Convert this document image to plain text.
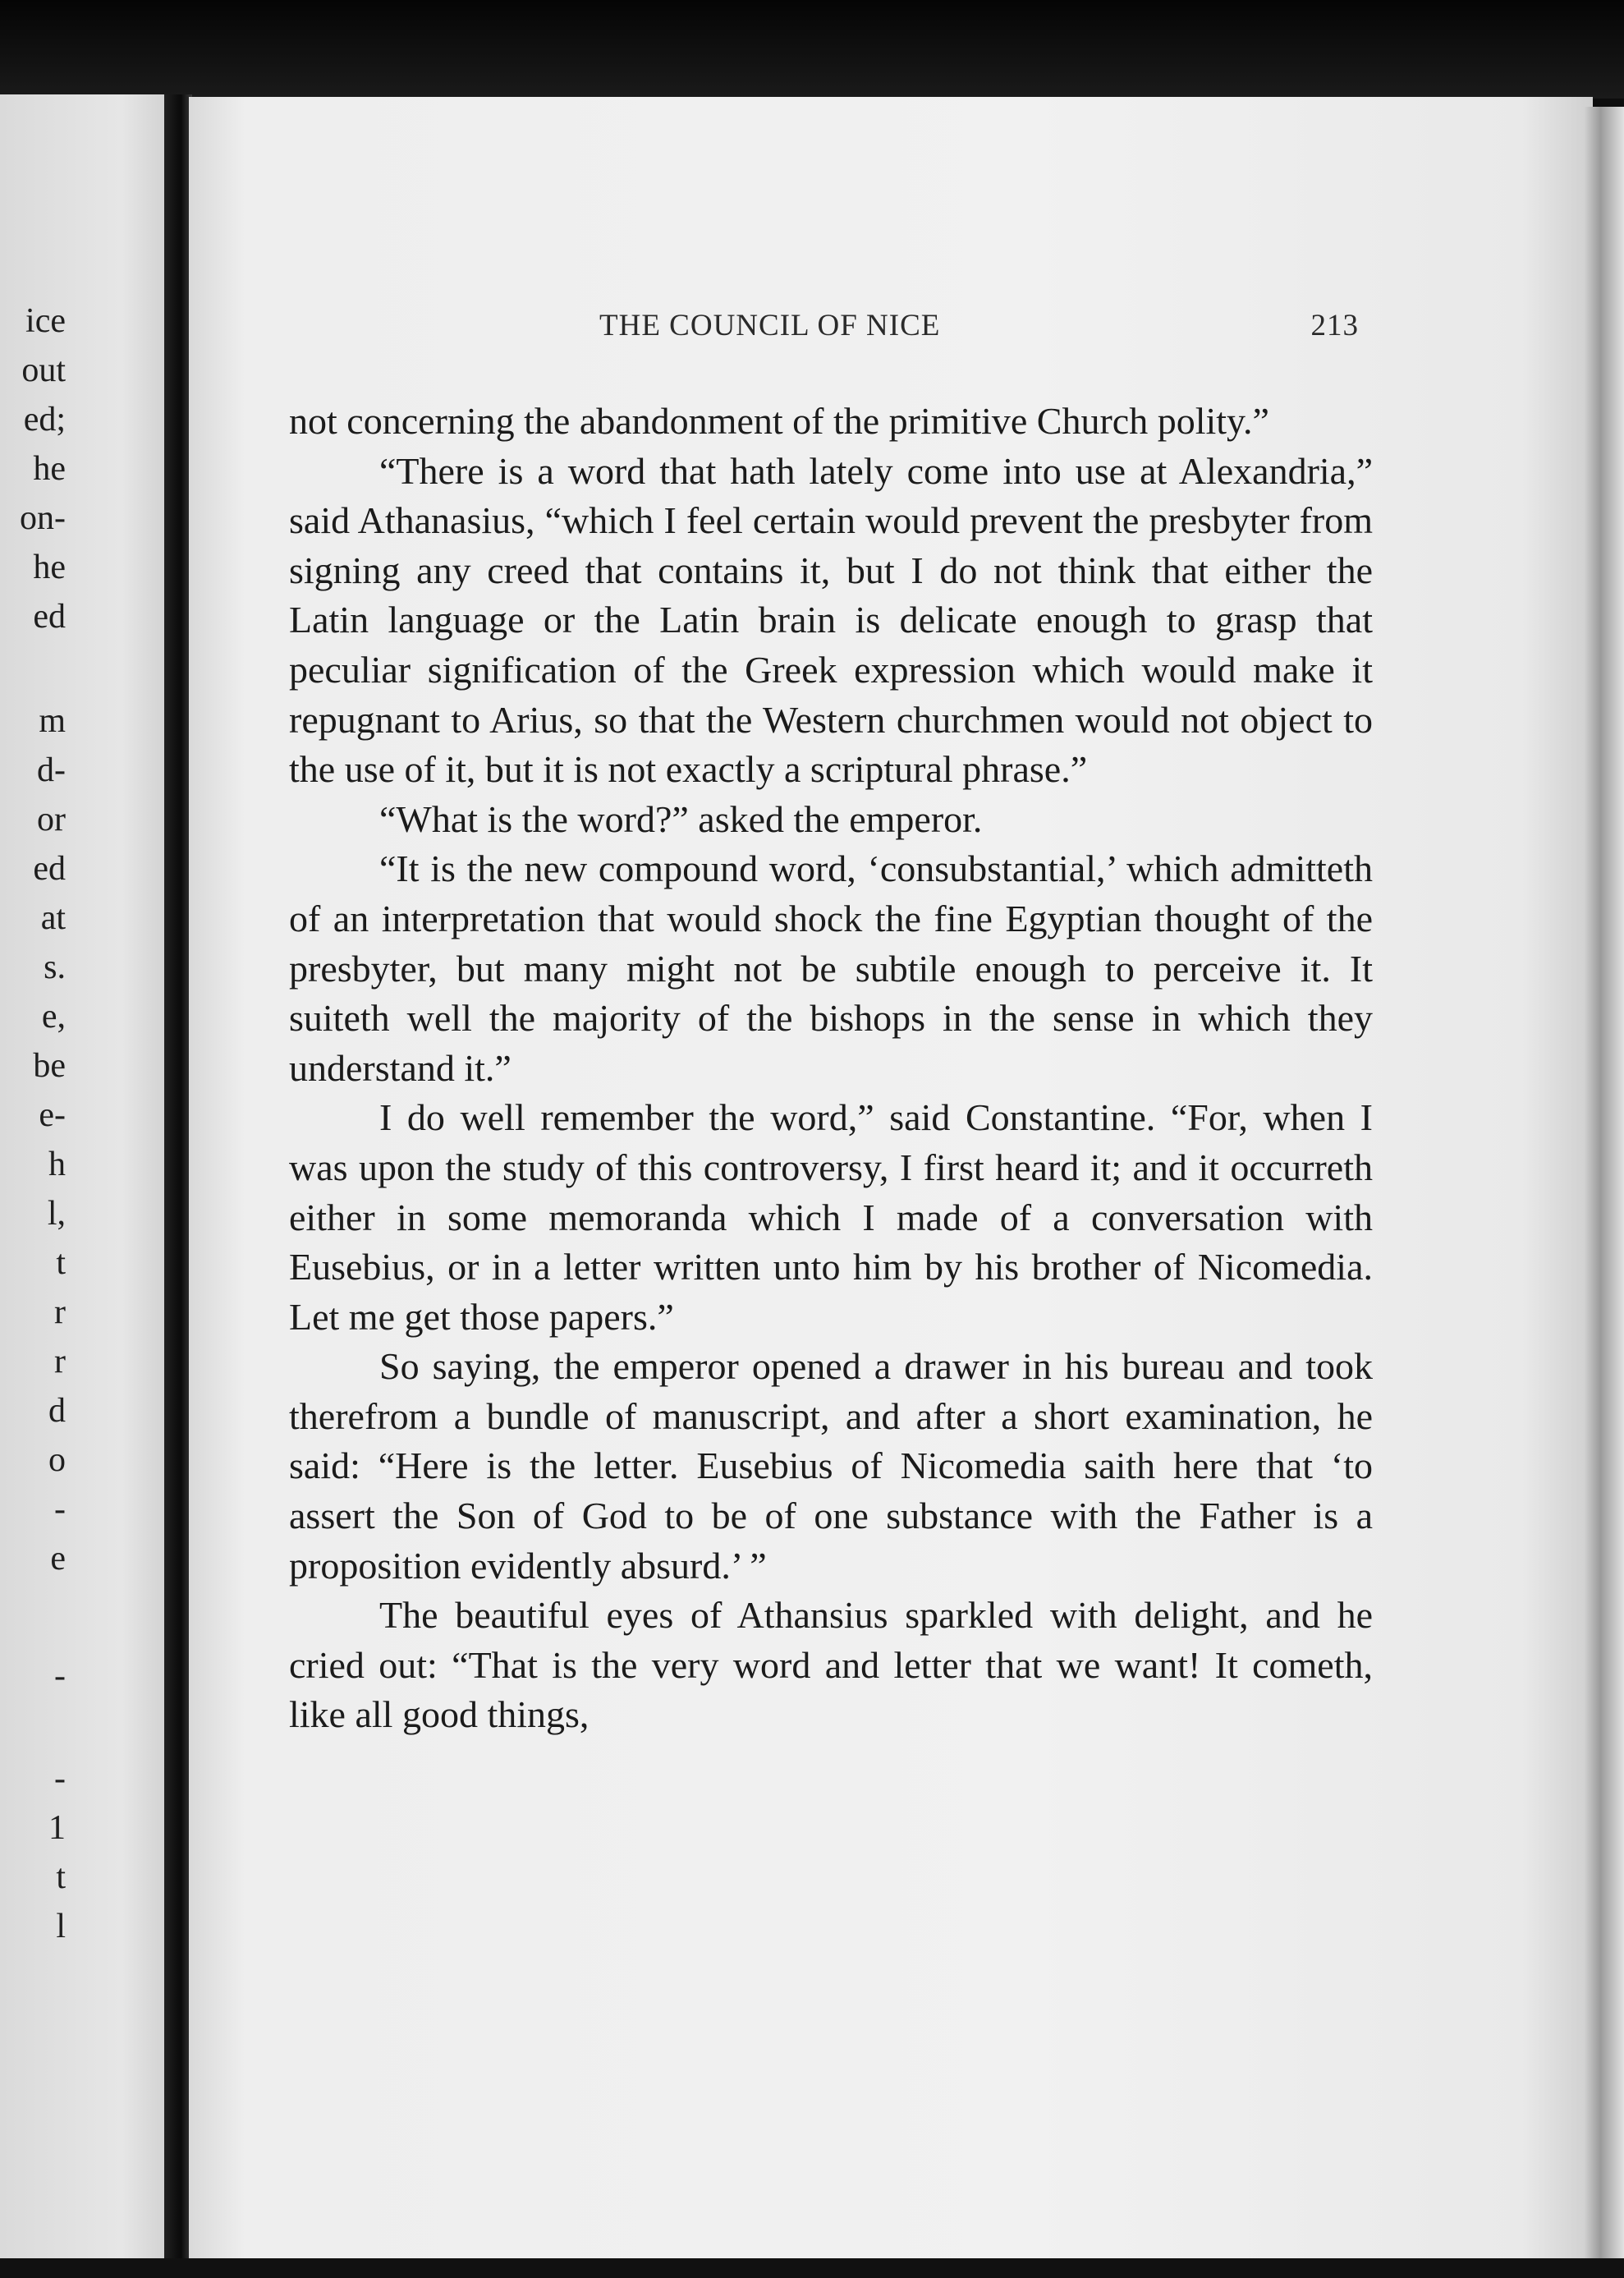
ice
out
ed;
he
on-
he
ed
m
d-
or
ed
at
s.
e,
be
e-
h
l,
t
r
r
d
o
-
e
-
-
1
t
l
THE COUNCIL OF NICE	213

not concerning the abandonment of the primitive Church polity.”

“There is a word that hath lately come into use at Alexandria,” said Athanasius, “which I feel certain would prevent the presbyter from signing any creed that contains it, but I do not think that either the Latin language or the Latin brain is delicate enough to grasp that peculiar signification of the Greek expression which would make it repugnant to Arius, so that the Western churchmen would not object to the use of it, but it is not exactly a scriptural phrase.”

“What is the word?” asked the emperor.

“It is the new compound word, ‘consubstantial,’ which admitteth of an interpretation that would shock the fine Egyptian thought of the presbyter, but many might not be subtile enough to perceive it. It suiteth well the majority of the bishops in the sense in which they understand it.”

I do well remember the word,” said Constantine. “For, when I was upon the study of this controversy, I first heard it; and it occurreth either in some memoranda which I made of a conversation with Eusebius, or in a letter written unto him by his brother of Nicomedia. Let me get those papers.”

So saying, the emperor opened a drawer in his bureau and took therefrom a bundle of manuscript, and after a short examination, he said: “Here is the letter. Eusebius of Nicomedia saith here that ‘to assert the Son of God to be of one substance with the Father is a proposition evidently absurd.’ ”

The beautiful eyes of Athansius sparkled with delight, and he cried out: “That is the very word and letter that we want! It cometh, like all good things,
